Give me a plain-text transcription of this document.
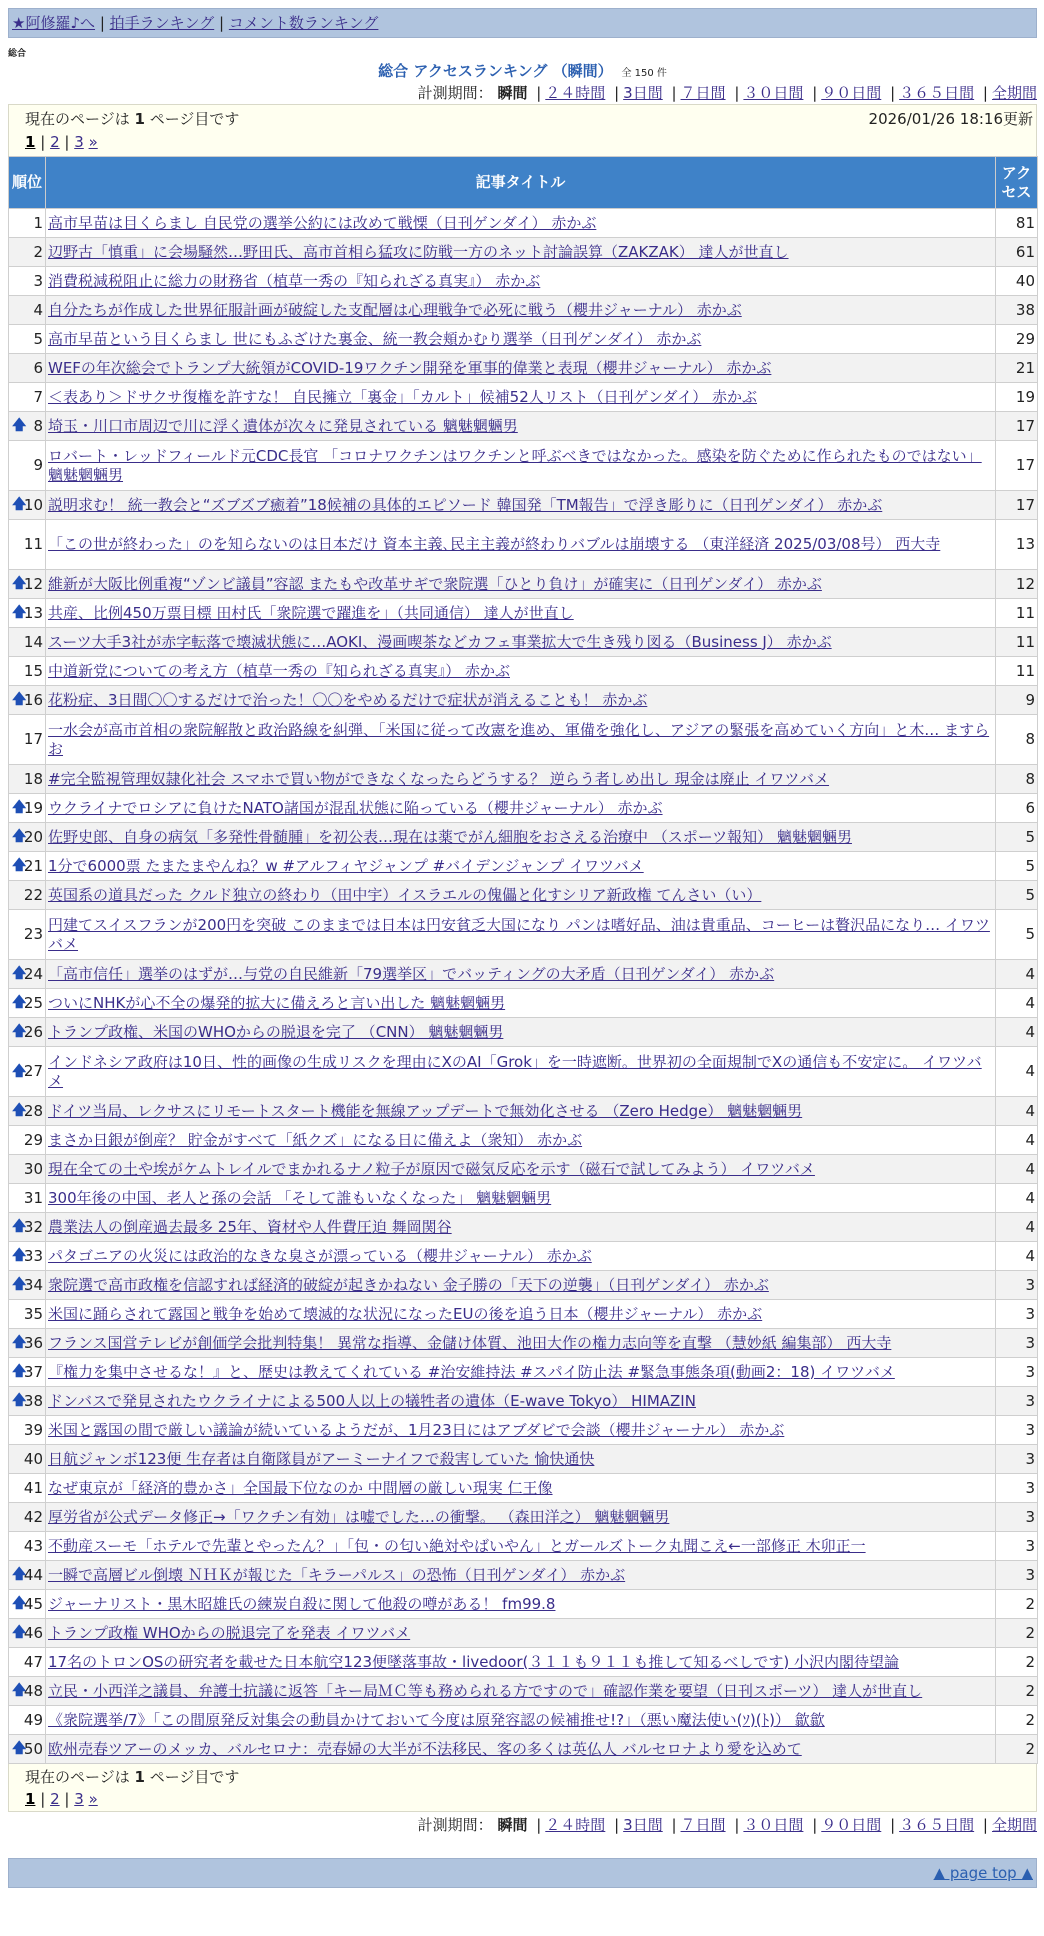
★阿修羅♪へ | 拍手ランキング | コメント数ランキング
総合
総合 アクセスランキング （瞬間） 全 150 件
計測期間： 瞬間 | ２４時間 | 3日間 | ７日間 | ３０日間 | ９０日間 | ３６５日間 | 全期間
現在のページは 1 ページ目です	2026/01/26 18:16更新
1 | 2 | 3 »
順位	記事タイトル	アクセス
1	高市早苗は目くらまし 自民党の選挙公約には改めて戦慄（日刊ゲンダイ） 赤かぶ	81
2	辺野古「慎重」に会場騒然…野田氏、高市首相ら猛攻に防戦一方のネット討論誤算（ZAKZAK） 達人が世直し	61
3	消費税減税阻止に総力の財務省（植草一秀の『知られざる真実』） 赤かぶ	40
4	自分たちが作成した世界征服計画が破綻した支配層は心理戦争で必死に戦う（櫻井ジャーナル） 赤かぶ	38
5	高市早苗という目くらまし 世にもふざけた裏金、統一教会頬かむり選挙（日刊ゲンダイ） 赤かぶ	29
6	WEFの年次総会でトランプ大統領がCOVID-19ワクチン開発を軍事的偉業と表現（櫻井ジャーナル） 赤かぶ	21
7	＜表あり＞ドサクサ復権を許すな！ 自民擁立「裏金」「カルト」候補52人リスト（日刊ゲンダイ） 赤かぶ	19

🡅 8	埼玉・川口市周辺で川に浮く遺体が次々に発見されている 魑魅魍魎男	17
9	ロバート・レッドフィールド元CDC長官 「コロナワクチンはワクチンと呼ぶべきではなかった。感染を防ぐために作られたものではない」 魑魅魍魎男	17

🡅
10	説明求む！ 統一教会と“ズブズブ癒着”18候補の具体的エピソード 韓国発「TM報告」で浮き彫りに（日刊ゲンダイ） 赤かぶ	17
11	「この世が終わった」のを知らないのは日本だけ 資本主義､民主主義が終わりバブルは崩壊する （東洋経済 2025/03/08号） 西大寺	13

🡅
12	維新が大阪比例重複“ゾンビ議員”容認 またもや改革サギで衆院選「ひとり負け」が確実に（日刊ゲンダイ） 赤かぶ	12

🡅
13	共産、比例450万票目標 田村氏「衆院選で躍進を」（共同通信） 達人が世直し	11
14	スーツ大手3社が赤字転落で壊滅状態に…AOKI、漫画喫茶などカフェ事業拡大で生き残り図る（Business J） 赤かぶ	11
15	中道新党についての考え方（植草一秀の『知られざる真実』） 赤かぶ	11

🡅
16	花粉症、3日間〇〇するだけで治った！〇〇をやめるだけで症状が消えることも！ 赤かぶ	9
17	一水会が高市首相の衆院解散と政治路線を糾弾、「米国に従って改憲を進め、軍備を強化し、アジアの緊張を高めていく方向」と木… ますらお	8
18	#完全監視管理奴隷化社会 スマホで買い物ができなくなったらどうする？ 逆らう者しめ出し 現金は廃止 イワツバメ	8

🡅
19	ウクライナでロシアに負けたNATO諸国が混乱状態に陥っている（櫻井ジャーナル） 赤かぶ	6

🡅
20	佐野史郎、自身の病気「多発性骨髄腫」を初公表…現在は薬でがん細胞をおさえる治療中 （スポーツ報知） 魑魅魍魎男	5

🡅
21	1分で6000票 たまたまやんね？w #アルフィヤジャンプ #バイデンジャンプ イワツバメ	5
22	英国系の道具だった クルド独立の終わり（田中宇）イスラエルの傀儡と化すシリア新政権 てんさい（い）	5
23	円建てスイスフランが200円を突破 このままでは日本は円安貧乏大国になり パンは嗜好品、油は貴重品、コーヒーは贅沢品になり… イワツバメ	5

🡅
24	「高市信任」選挙のはずが…与党の自民維新「79選挙区」でバッティングの大矛盾（日刊ゲンダイ） 赤かぶ	4

🡅
25	ついにNHKが心不全の爆発的拡大に備えろと言い出した 魑魅魍魎男	4

🡅
26	トランプ政権、米国のWHOからの脱退を完了 （CNN） 魑魅魍魎男	4

🡅
27	インドネシア政府は10日、性的画像の生成リスクを理由にXのAI「Grok」を一時遮断。世界初の全面規制でXの通信も不安定に。 イワツバメ	4

🡅
28	ドイツ当局、レクサスにリモートスタート機能を無線アップデートで無効化させる （Zero Hedge） 魑魅魍魎男	4
29	まさか日銀が倒産？ 貯金がすべて「紙クズ」になる日に備えよ（衆知） 赤かぶ	4
30	現在全ての土や埃がケムトレイルでまかれるナノ粒子が原因で磁気反応を示す（磁石で試してみよう） イワツバメ	4
31	300年後の中国、老人と孫の会話 「そして誰もいなくなった」 魑魅魍魎男	4

🡅
32	農業法人の倒産過去最多 25年、資材や人件費圧迫 舞岡関谷	4

🡅
33	パタゴニアの火災には政治的なきな臭さが漂っている（櫻井ジャーナル） 赤かぶ	4

🡅
34	衆院選で高市政権を信認すれば経済的破綻が起きかねない 金子勝の「天下の逆襲」（日刊ゲンダイ） 赤かぶ	3
35	米国に踊らされて露国と戦争を始めて壊滅的な状況になったEUの後を追う日本（櫻井ジャーナル） 赤かぶ	3

🡅
36	フランス国営テレビが創価学会批判特集！ 異常な指導、金儲け体質、池田大作の権力志向等を直撃 （慧妙紙 編集部） 西大寺	3

🡅
37	『権力を集中させるな！』と、歴史は教えてくれている #治安維持法 #スパイ防止法 #緊急事態条項(動画2：18) イワツバメ	3

🡅
38	ドンバスで発見されたウクライナによる500人以上の犠牲者の遺体（E-wave Tokyo） HIMAZIN	3
39	米国と露国の間で厳しい議論が続いているようだが、1月23日にはアブダビで会談（櫻井ジャーナル） 赤かぶ	3
40	日航ジャンボ123便 生存者は自衛隊員がアーミーナイフで殺害していた 愉快通快	3
41	なぜ東京が「経済的豊かさ」全国最下位なのか 中間層の厳しい現実 仁王像	3
42	厚労省が公式データ修正→「ワクチン有効」は嘘でした…の衝撃。 （森田洋之） 魑魅魍魎男	3
43	不動産スーモ「ホテルで先輩とやったん？」「包・の匂い絶対やばいやん」とガールズトーク丸聞こえ←一部修正 木卯正一	3

🡅
44	一瞬で高層ビル倒壊 ＮＨＫが報じた「キラーパルス」の恐怖（日刊ゲンダイ） 赤かぶ	3

🡅
45	ジャーナリスト・黒木昭雄氏の練炭自殺に関して他殺の噂がある！ fm99.8	2

🡅
46	トランプ政権 WHOからの脱退完了を発表 イワツバメ	2
47	17名のトロンOSの研究者を載せた日本航空123便墜落事故・livedoor(３１１も９１１も推して知るべしです) 小沢内閣待望論	2

🡅
48	立民・小西洋之議員、弁護士抗議に返答「キー局ＭＣ等も務められる方ですので」確認作業を要望（日刊スポーツ） 達人が世直し	2
49	《衆院選挙/7》「この間原発反対集会の動員かけておいて今度は原発容認の候補推せ!?」（悪い魔法使い(ｿ)(ﾄ)） 歙歙	2

🡅
50	欧州売春ツアーのメッカ、バルセロナ：売春婦の大半が不法移民、客の多くは英仏人 バルセロナより愛を込めて	2
現在のページは 1 ページ目です
1 | 2 | 3 »
計測期間： 瞬間 | ２４時間 | 3日間 | ７日間 | ３０日間 | ９０日間 | ３６５日間 | 全期間
▲ page top ▲
